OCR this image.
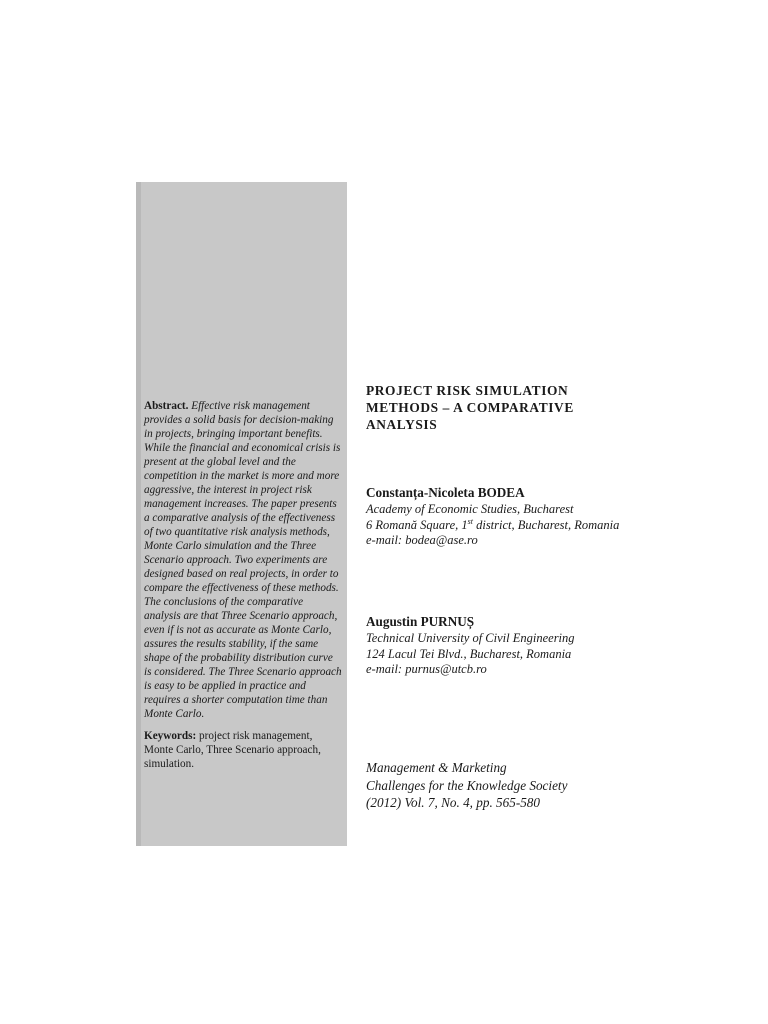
Abstract. Effective risk management provides a solid basis for decision-making in projects, bringing important benefits. While the financial and economical crisis is present at the global level and the competition in the market is more and more aggressive, the interest in project risk management increases. The paper presents a comparative analysis of the effectiveness of two quantitative risk analysis methods, Monte Carlo simulation and the Three Scenario approach. Two experiments are designed based on real projects, in order to compare the effectiveness of these methods. The conclusions of the comparative analysis are that Three Scenario approach, even if is not as accurate as Monte Carlo, assures the results stability, if the same shape of the probability distribution curve is considered. The Three Scenario approach is easy to be applied in practice and requires a shorter computation time than Monte Carlo.

Keywords: project risk management, Monte Carlo, Three Scenario approach, simulation.

PROJECT RISK SIMULATION METHODS – A COMPARATIVE ANALYSIS
Constanța-Nicoleta BODEA
Academy of Economic Studies, Bucharest
6 Romană Square, 1st district, Bucharest, Romania
e-mail: bodea@ase.ro
Augustin PURNUȘ
Technical University of Civil Engineering
124 Lacul Tei Blvd., Bucharest, Romania
e-mail: purnus@utcb.ro
Management & Marketing
Challenges for the Knowledge Society
(2012) Vol. 7, No. 4, pp. 565-580
